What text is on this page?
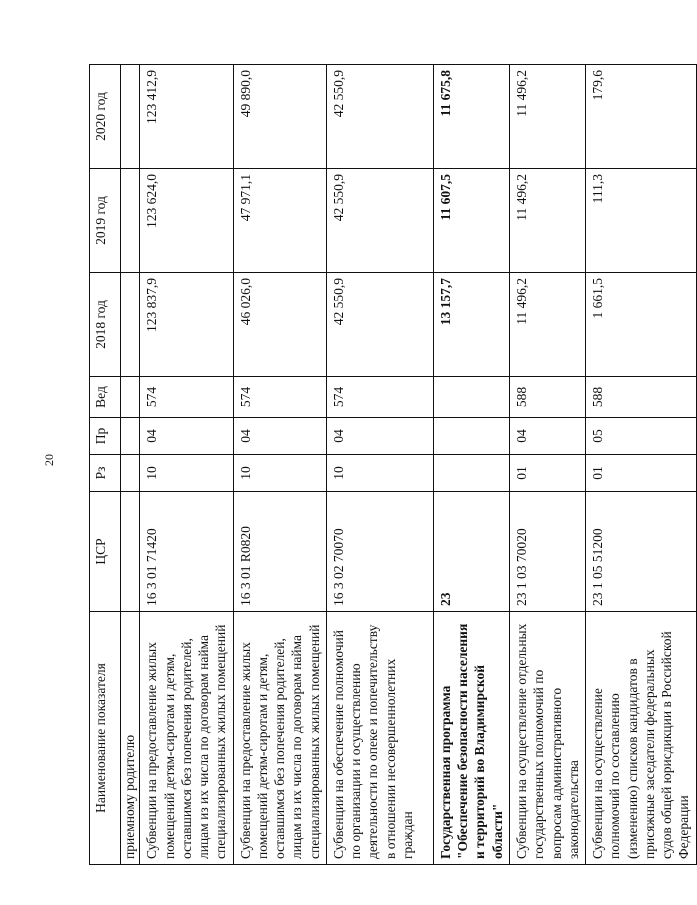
20
Наименование показателя	ЦСР	Рз	Пр	Вед	2018 год	2019 год	2020 год
приемному родителю							
Субвенции на предоставление жилых помещений детям-сиротам и детям, оставшимся без попечения родителей, лицам из их числа по договорам найма специализированных жилых помещений	16 3 01 71420	10	04	574	123 837,9	123 624,0	123 412,9
Субвенции на предоставление жилых помещений детям-сиротам и детям, оставшимся без попечения родителей, лицам из их числа по договорам найма специализированных жилых помещений	16 3 01 R0820	10	04	574	46 026,0	47 971,1	49 890,0
Субвенции на обеспечение полномочий по организации и осуществлению деятельности по опеке и попечительству в отношении несовершеннолетних граждан	16 3 02 70070	10	04	574	42 550,9	42 550,9	42 550,9
Государственная программа "Обеспечение безопасности населения и территорий во Владимирской области"	23				13 157,7	11 607,5	11 675,8
Субвенции на осуществление отдельных государственных полномочий по вопросам административного законодательства	23 1 03 70020	01	04	588	11 496,2	11 496,2	11 496,2
Субвенции на осуществление полномочий по составлению (изменению) списков кандидатов в присяжные заседатели федеральных судов общей юрисдикции в Российской Федерации	23 1 05 51200	01	05	588	1 661,5	111,3	179,6
